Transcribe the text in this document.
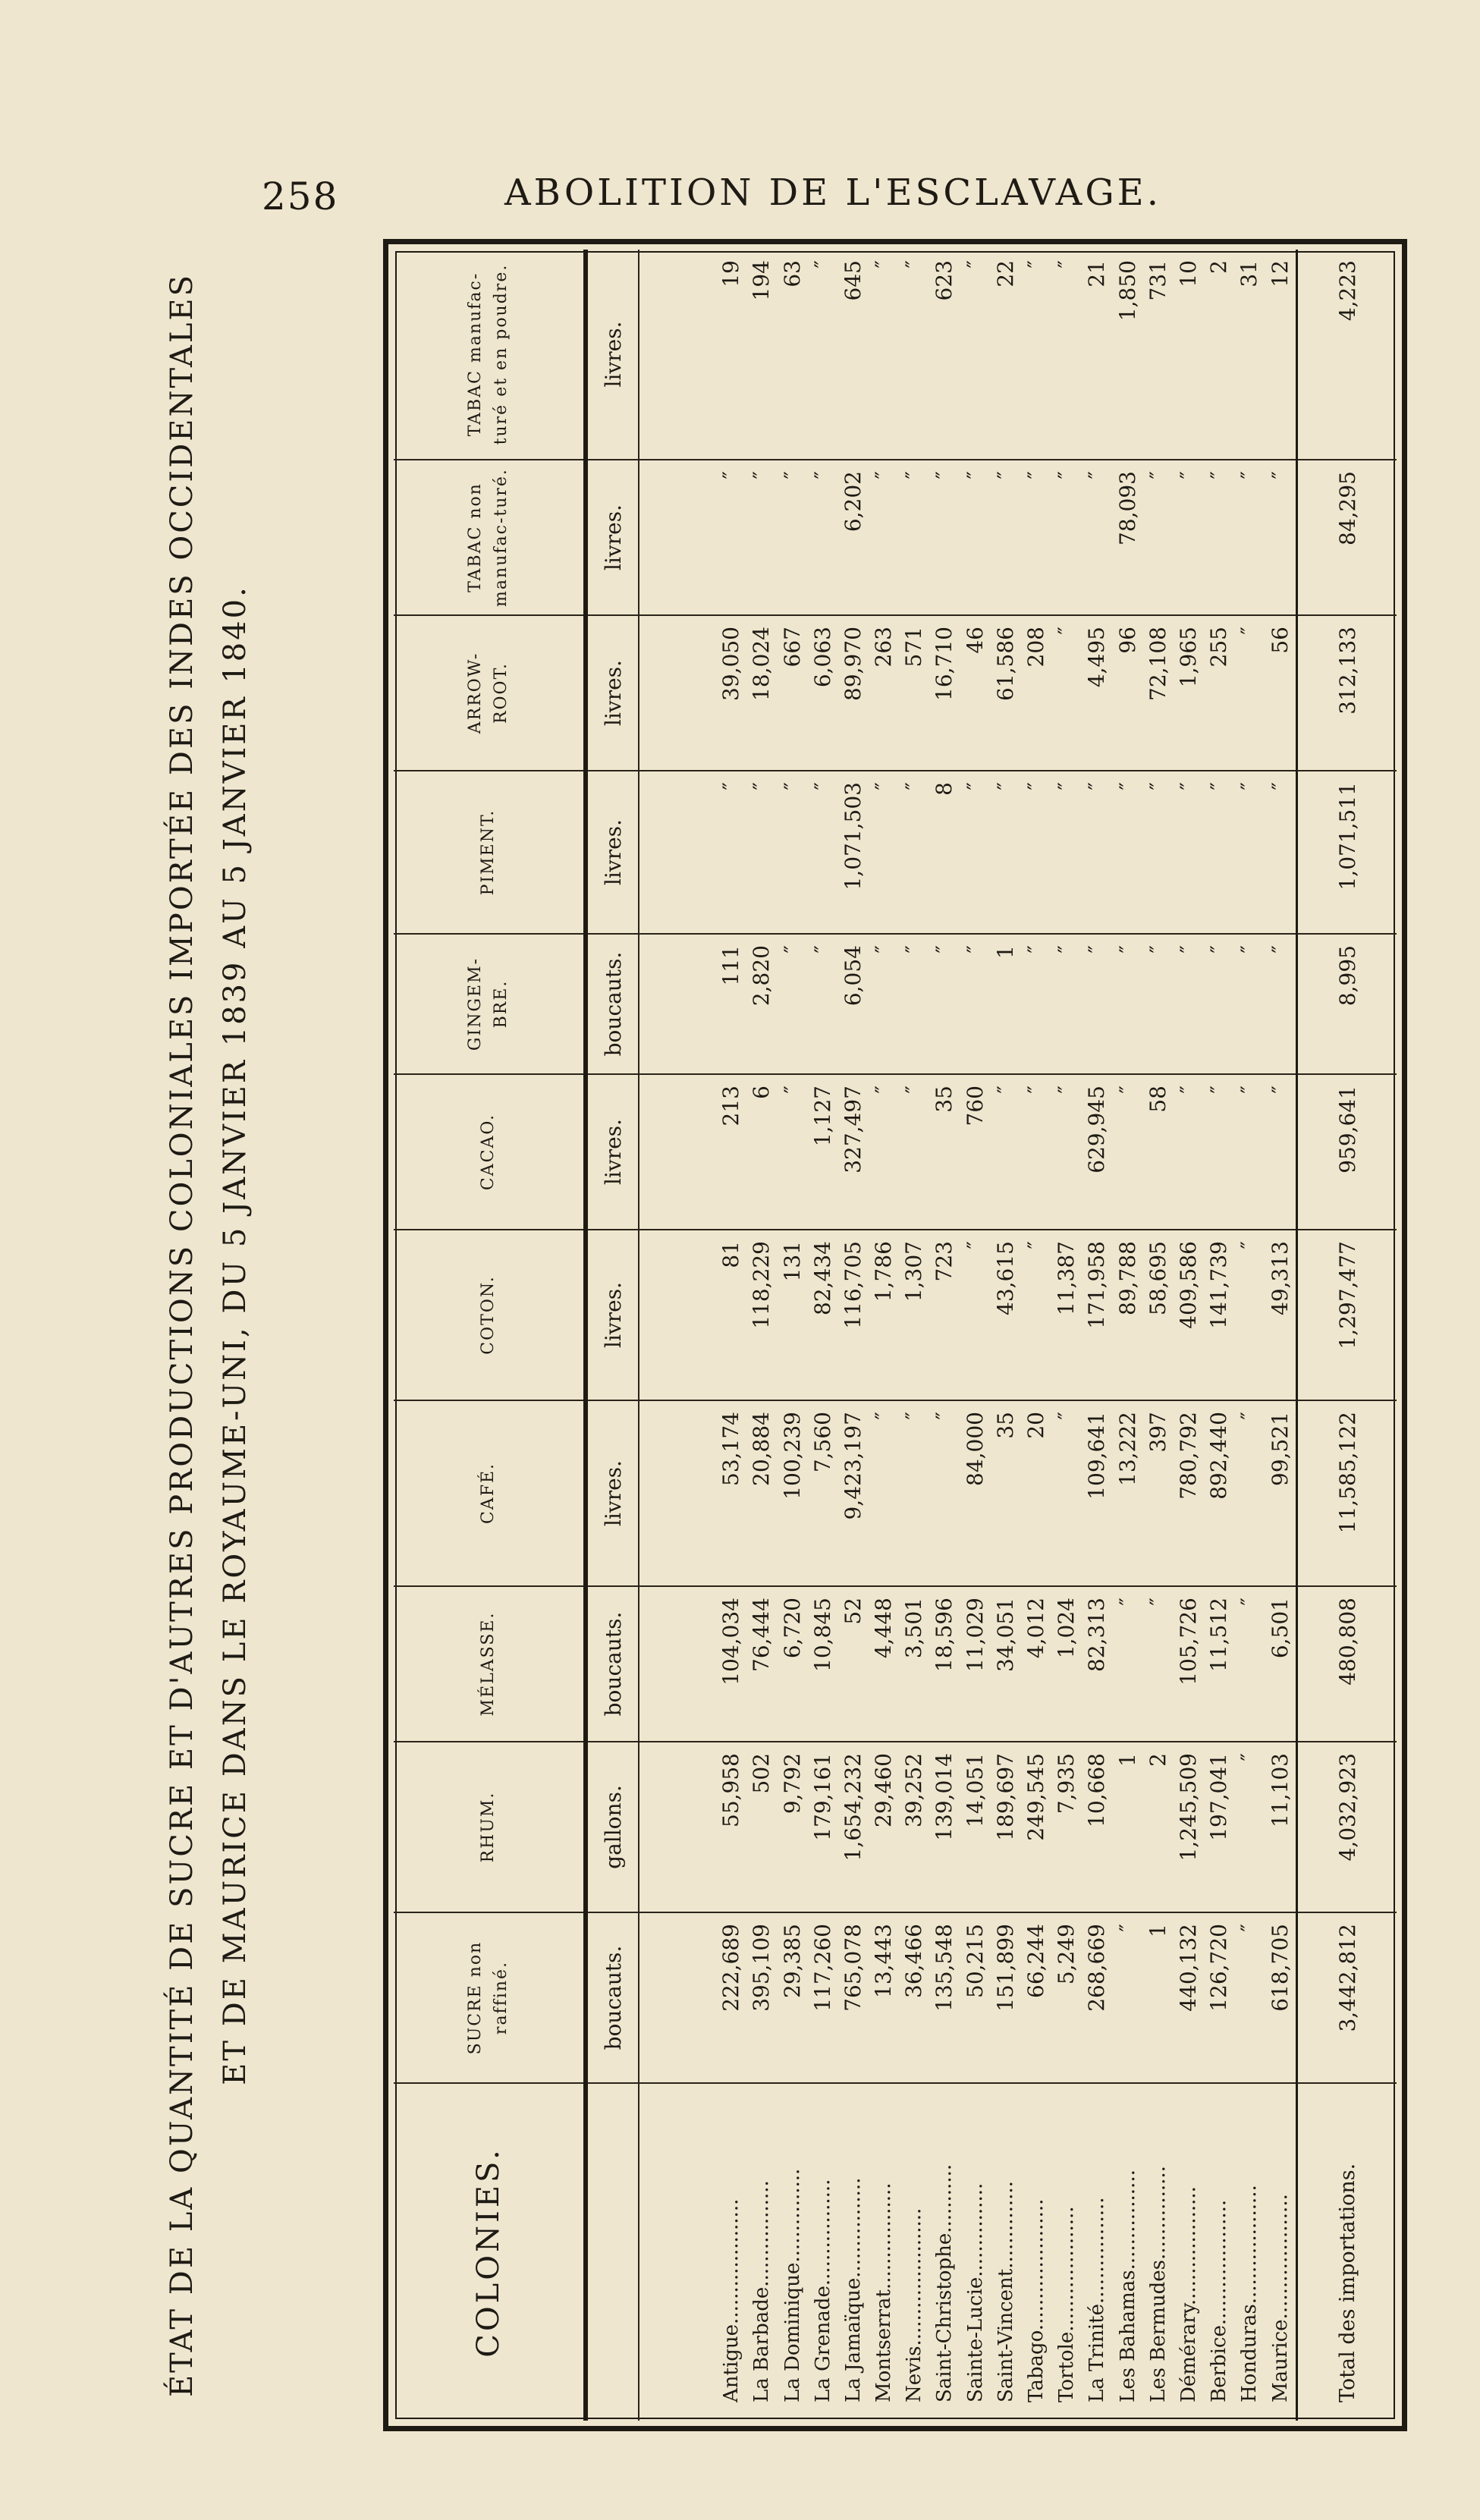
258	ABOLITION DE L'ESCLAVAGE.
ÉTAT DE LA QUANTITÉ DE SUCRE ET D'AUTRES PRODUCTIONS COLONIALES IMPORTÉE DES INDES OCCIDENTALES ET DE MAURICE DANS LE ROYAUME-UNI, DU 5 JANVIER 1839 AU 5 JANVIER 1840.
COLONIES.	SUCRE non raffiné.	RHUM.	MÉLASSE.	CAFÉ.	COTON.	CACAO.	GINGEM-BRE.	PIMENT.	ARROW-ROOT.	TABAC non manufac-turé.	TABAC manufac-turé et en poudre.
	boucauts.	gallons.	boucauts.	livres.	livres.	livres.	boucauts.	livres.	livres.	livres.	livres.

Antigue....................	222,689	55,958	104,034	53,174	81	213	111	″	39,050	″	19
La Barbade.................	395,109	502	76,444	20,884	118,229	6	2,820	″	18,024	″	194
La Dominique...............	29,385	9,792	6,720	100,239	131	″	″	″	667	″	63
La Grenade.................	117,260	179,161	10,845	7,560	82,434	1,127	″	″	6,063	″	″
La Jamaïque................	765,078	1,654,232	52	9,423,197	116,705	327,497	6,054	1,071,503	89,970	6,202	645
Montserrat.................	13,443	29,460	4,448	″	1,786	″	″	″	263	″	″
Nevis......................	36,466	39,252	3,501	″	1,307	″	″	″	571	″	″
Saint-Christophe...........	135,548	139,014	18,596	″	723	35	″	8	16,710	″	623
Sainte-Lucie...............	50,215	14,051	11,029	84,000	″	760	″	″	46	″	″
Saint-Vincent..............	151,899	189,697	34,051	35	43,615	″	1	″	61,586	″	22
Tabago.....................	66,244	249,545	4,012	20	″	″	″	″	208	″	″
Tortole....................	5,249	7,935	1,024	″	11,387	″	″	″	″	″	″
La Trinité.................	268,669	10,668	82,313	109,641	171,958	629,945	″	″	4,495	″	21
Les Bahamas................	″	1	″	13,222	89,788	″	″	″	96	78,093	1,850
Les Bermudes...............	1	2	″	397	58,695	58	″	″	72,108	″	731
Démérary...................	440,132	1,245,509	105,726	780,792	409,586	″	″	″	1,965	″	10
Berbice....................	126,720	197,041	11,512	892,440	141,739	″	″	″	255	″	2
Honduras...................	″	″	″	″	″	″	″	″	″	″	31
Maurice....................	618,705	11,103	6,501	99,521	49,313	″	″	″	56	″	12
Total des importations.	3,442,812	4,032,923	480,808	11,585,122	1,297,477	959,641	8,995	1,071,511	312,133	84,295	4,223
